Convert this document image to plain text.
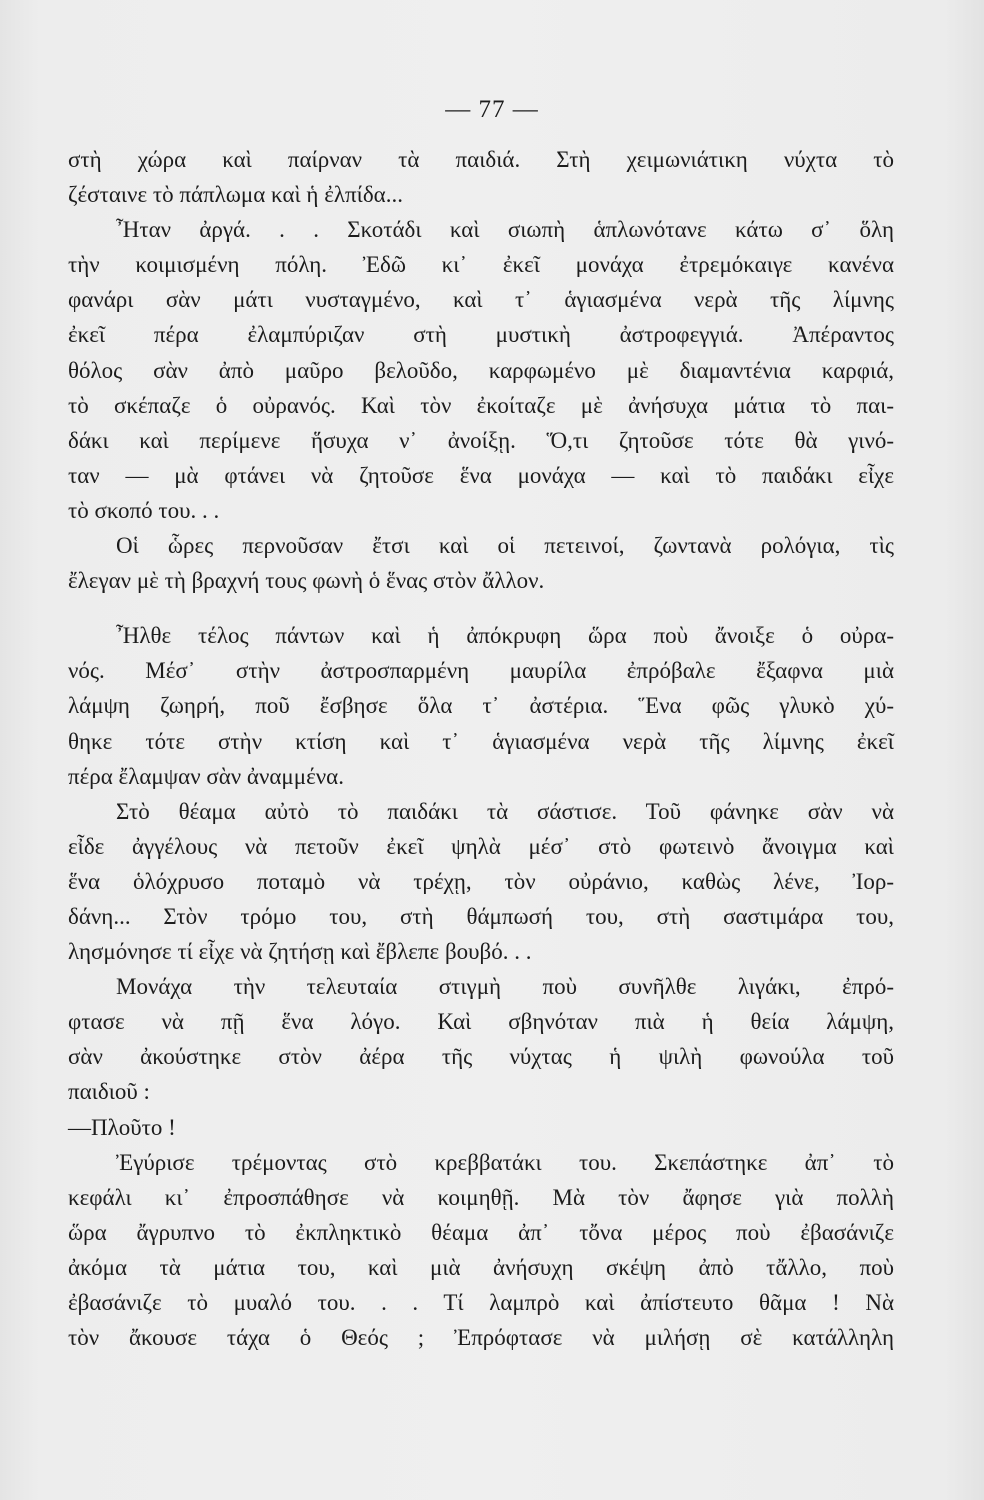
— 77 —
στὴ χώρα καὶ παίρναν τὰ παιδιά. Στὴ χειμωνιάτικη νύχτα τὸ
ζέσταινε τὸ πάπλωμα καὶ ἡ ἐλπίδα...
Ἦταν ἀργά. . . Σκοτάδι καὶ σιωπὴ ἁπλωνότανε κάτω σ᾽ ὅλη
τὴν κοιμισμένη πόλη. Ἐδῶ κι᾽ ἐκεῖ μονάχα ἐτρεμόκαιγε κανένα
φανάρι σὰν μάτι νυσταγμένο, καὶ τ᾽ ἁγιασμένα νερὰ τῆς λίμνης
ἐκεῖ πέρα ἐλαμπύριζαν στὴ μυστικὴ ἀστροφεγγιά. Ἀπέραντος
θόλος σὰν ἀπὸ μαῦρο βελοῦδο, καρφωμένο μὲ διαμαντένια καρφιά,
τὸ σκέπαζε ὁ οὐρανός. Καὶ τὸν ἐκοίταζε μὲ ἀνήσυχα μάτια τὸ παι-
δάκι καὶ περίμενε ἥσυχα ν᾽ ἀνοίξῃ. Ὅ,τι ζητοῦσε τότε θὰ γινό-
ταν — μὰ φτάνει νὰ ζητοῦσε ἕνα μονάχα — καὶ τὸ παιδάκι εἶχε
τὸ σκοπό του. . .
Οἱ ὧρες περνοῦσαν ἔτσι καὶ οἱ πετεινοί, ζωντανὰ ρολόγια, τὶς
ἔλεγαν μὲ τὴ βραχνή τους φωνὴ ὁ ἕνας στὸν ἄλλον.
Ἦλθε τέλος πάντων καὶ ἡ ἀπόκρυφη ὥρα ποὺ ἄνοιξε ὁ οὐρα-
νός. Μέσ᾽ στὴν ἀστροσπαρμένη μαυρίλα ἐπρόβαλε ἔξαφνα μιὰ
λάμψη ζωηρή, ποῦ ἔσβησε ὅλα τ᾽ ἀστέρια. Ἕνα φῶς γλυκὸ χύ-
θηκε τότε στὴν κτίση καὶ τ᾽ ἁγιασμένα νερὰ τῆς λίμνης ἐκεῖ
πέρα ἔλαμψαν σὰν ἀναμμένα.
Στὸ θέαμα αὐτὸ τὸ παιδάκι τὰ σάστισε. Τοῦ φάνηκε σὰν νὰ
εἶδε ἀγγέλους νὰ πετοῦν ἐκεῖ ψηλὰ μέσ᾽ στὸ φωτεινὸ ἄνοιγμα καὶ
ἕνα ὁλόχρυσο ποταμὸ νὰ τρέχῃ, τὸν οὐράνιο, καθὼς λένε, Ἰορ-
δάνη... Στὸν τρόμο του, στὴ θάμπωσή του, στὴ σαστιμάρα του,
λησμόνησε τί εἶχε νὰ ζητήσῃ καὶ ἔβλεπε βουβό. . .
Μονάχα τὴν τελευταία στιγμὴ ποὺ συνῆλθε λιγάκι, ἐπρό-
φτασε νὰ πῇ ἕνα λόγο. Καὶ σβηνόταν πιὰ ἡ θεία λάμψη,
σὰν ἀκούστηκε στὸν ἀέρα τῆς νύχτας ἡ ψιλὴ φωνούλα τοῦ
παιδιοῦ :
—Πλοῦτο !
Ἐγύρισε τρέμοντας στὸ κρεββατάκι του. Σκεπάστηκε ἀπ᾽ τὸ
κεφάλι κι᾽ ἐπροσπάθησε νὰ κοιμηθῇ. Μὰ τὸν ἄφησε γιὰ πολλὴ
ὥρα ἄγρυπνο τὸ ἐκπληκτικὸ θέαμα ἀπ᾽ τὄνα μέρος ποὺ ἐβασάνιζε
ἀκόμα τὰ μάτια του, καὶ μιὰ ἀνήσυχη σκέψη ἀπὸ τἄλλο, ποὺ
ἐβασάνιζε τὸ μυαλό του. . . Τί λαμπρὸ καὶ ἀπίστευτο θᾶμα ! Νὰ
τὸν ἄκουσε τάχα ὁ Θεός ; Ἐπρόφτασε νὰ μιλήσῃ σὲ κατάλληλη
